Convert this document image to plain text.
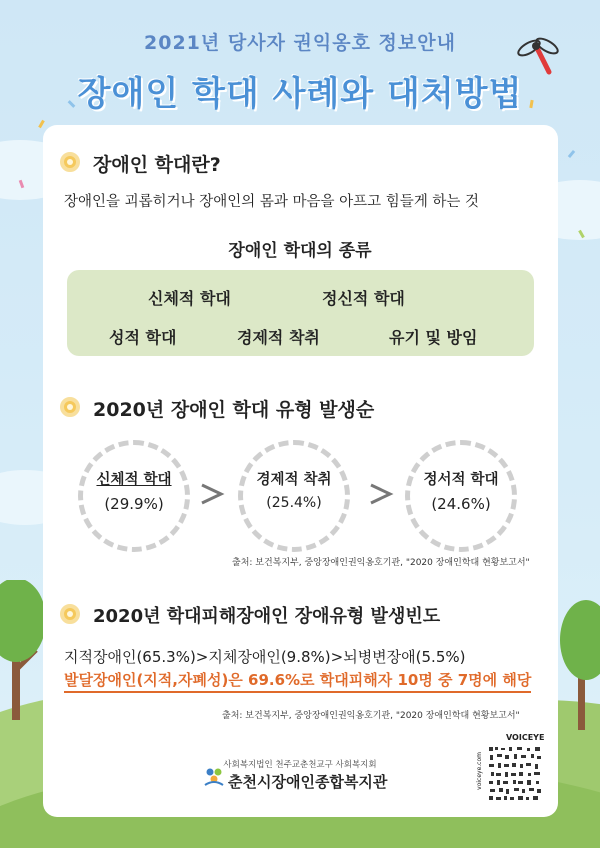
2021년 당사자 권익옹호 정보안내
장애인 학대 사례와 대처방법
장애인 학대란?
장애인을 괴롭히거나 장애인의 몸과 마음을 아프고 힘들게 하는 것
장애인 학대의 종류
신체적 학대	정신적 학대
성적 학대	경제적 착취	유기 및 방임
2020년 장애인 학대 유형 발생순
신체적 학대
(29.9%)
경제적 착취
(25.4%)
정서적 학대
(24.6%)
출처: 보건복지부, 중앙장애인권익옹호기관, "2020 장애인학대 현황보고서"
2020년 학대피해장애인 장애유형 발생빈도
지적장애인(65.3%)>지체장애인(9.8%)>뇌병변장애(5.5%)
발달장애인(지적,자폐성)은 69.6%로 학대피해자 10명 중 7명에 해당
출처: 보건복지부, 중앙장애인권익옹호기관, "2020 장애인학대 현황보고서"
사회복지법인 천주교춘천교구 사회복지회
춘천시장애인종합복지관
VOICEYE
voiceye.com
